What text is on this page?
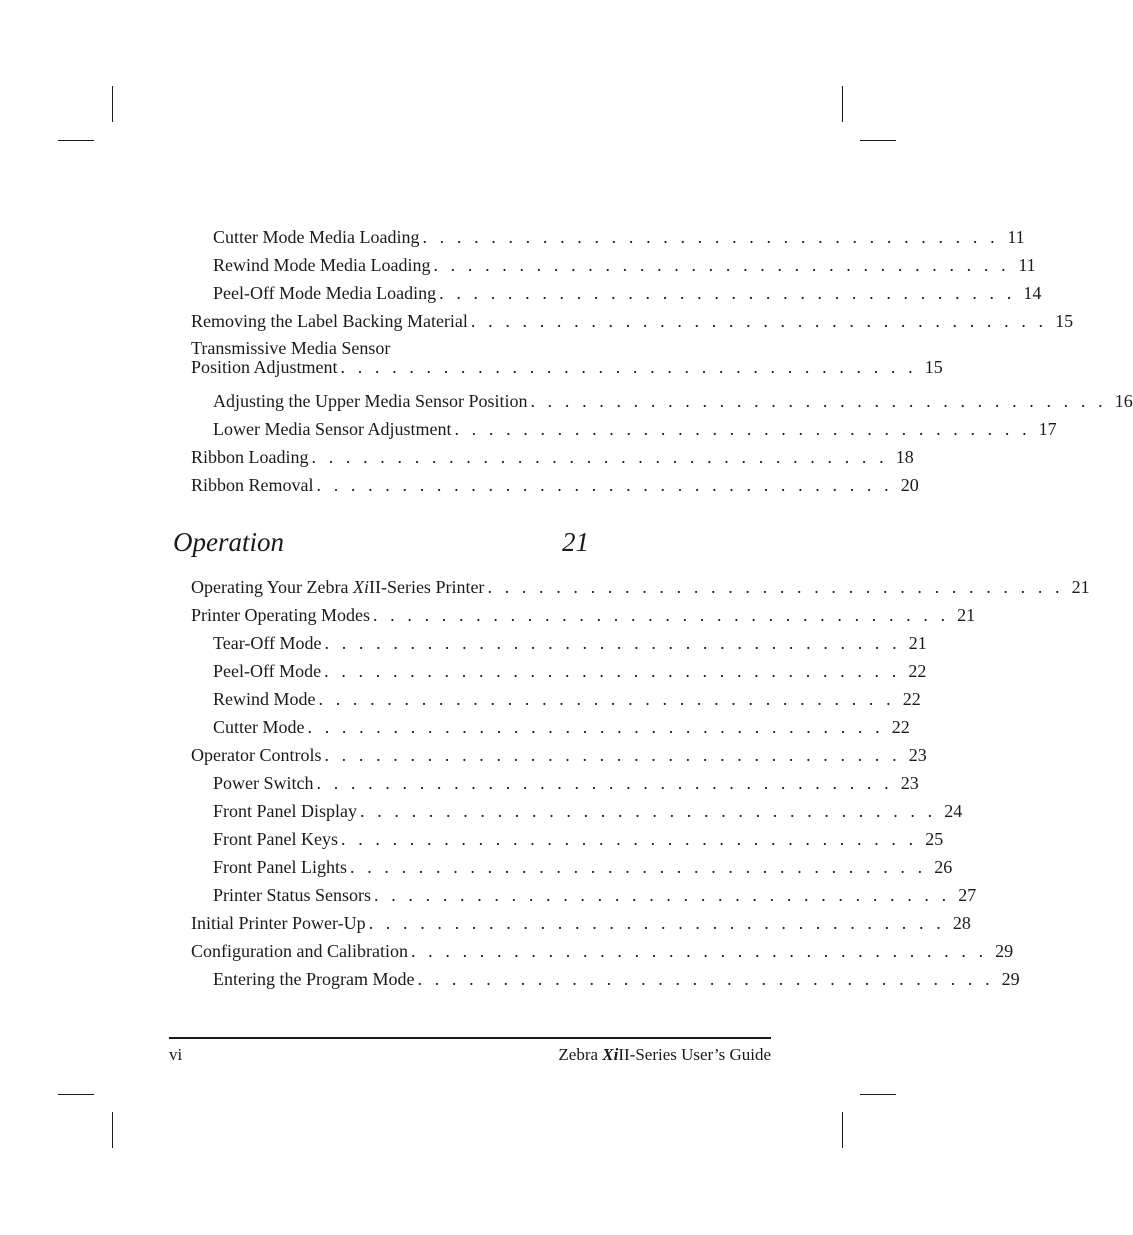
Cutter Mode Media Loading . . . . . . . . . . . . . . . . . . . . . . . . . . . . . . . . . . 11
Rewind Mode Media Loading . . . . . . . . . . . . . . . . . . . . . . . . . . . . . . . . . . 11
Peel-Off Mode Media Loading . . . . . . . . . . . . . . . . . . . . . . . . . . . . . . . . . . 14
Removing the Label Backing Material . . . . . . . . . . . . . . . . . . . . . . . . . . . . . . . . . . 15
Transmissive Media Sensor
Position Adjustment . . . . . . . . . . . . . . . . . . . . . . . . . . . . . . . . . . 15
Adjusting the Upper Media Sensor Position . . . . . . . . . . . . . . . . . . . . . . . . . . . . . . . . . . 16
Lower Media Sensor Adjustment . . . . . . . . . . . . . . . . . . . . . . . . . . . . . . . . . . 17
Ribbon Loading . . . . . . . . . . . . . . . . . . . . . . . . . . . . . . . . . . 18
Ribbon Removal . . . . . . . . . . . . . . . . . . . . . . . . . . . . . . . . . . 20
Operation	21
Operating Your Zebra XiII-Series Printer . . . . . . . . . . . . . . . . . . . . . . . . . . . . . . . . . . 21
Printer Operating Modes . . . . . . . . . . . . . . . . . . . . . . . . . . . . . . . . . . 21
Tear-Off Mode . . . . . . . . . . . . . . . . . . . . . . . . . . . . . . . . . . 21
Peel-Off Mode . . . . . . . . . . . . . . . . . . . . . . . . . . . . . . . . . . 22
Rewind Mode . . . . . . . . . . . . . . . . . . . . . . . . . . . . . . . . . . 22
Cutter Mode . . . . . . . . . . . . . . . . . . . . . . . . . . . . . . . . . . 22
Operator Controls . . . . . . . . . . . . . . . . . . . . . . . . . . . . . . . . . . 23
Power Switch . . . . . . . . . . . . . . . . . . . . . . . . . . . . . . . . . . 23
Front Panel Display . . . . . . . . . . . . . . . . . . . . . . . . . . . . . . . . . . 24
Front Panel Keys . . . . . . . . . . . . . . . . . . . . . . . . . . . . . . . . . . 25
Front Panel Lights . . . . . . . . . . . . . . . . . . . . . . . . . . . . . . . . . . 26
Printer Status Sensors . . . . . . . . . . . . . . . . . . . . . . . . . . . . . . . . . . 27
Initial Printer Power-Up . . . . . . . . . . . . . . . . . . . . . . . . . . . . . . . . . . 28
Configuration and Calibration . . . . . . . . . . . . . . . . . . . . . . . . . . . . . . . . . . 29
Entering the Program Mode . . . . . . . . . . . . . . . . . . . . . . . . . . . . . . . . . . 29
vi	Zebra XiII-Series User’s Guide
